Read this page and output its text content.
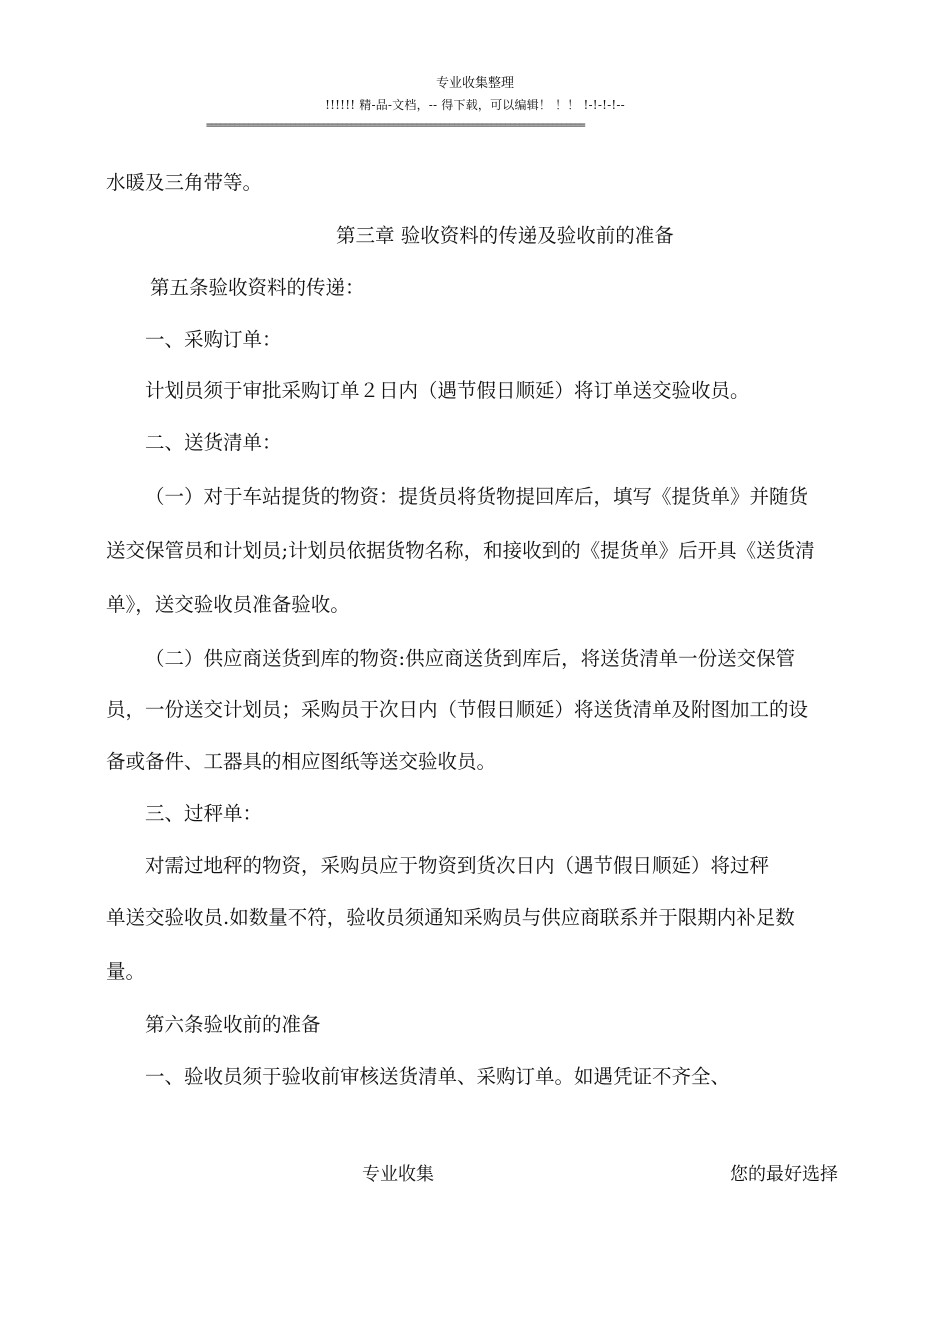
专业收集整理
!!!!!! 精-品-文档，-- 得下载，可以编辑！ ！！ !-!-!-!--
=================================================================================
水暖及三角带等。
第三章 验收资料的传递及验收前的准备
第五条验收资料的传递：
一、采购订单：
计划员须于审批采购订单２日内（遇节假日顺延）将订单送交验收员。
二、送货清单：
（一）对于车站提货的物资：提货员将货物提回库后，填写《提货单》并随货
送交保管员和计划员;计划员依据货物名称，和接收到的《提货单》后开具《送货清
单》，送交验收员准备验收。
（二）供应商送货到库的物资:供应商送货到库后，将送货清单一份送交保管
员，一份送交计划员；采购员于次日内（节假日顺延）将送货清单及附图加工的设
备或备件、工器具的相应图纸等送交验收员。
三、过秤单：
对需过地秤的物资，采购员应于物资到货次日内（遇节假日顺延）将过秤
单送交验收员.如数量不符，验收员须通知采购员与供应商联系并于限期内补足数
量。
第六条验收前的准备
一、验收员须于验收前审核送货清单、采购订单。如遇凭证不齐全、
专业收集	您的最好选择
